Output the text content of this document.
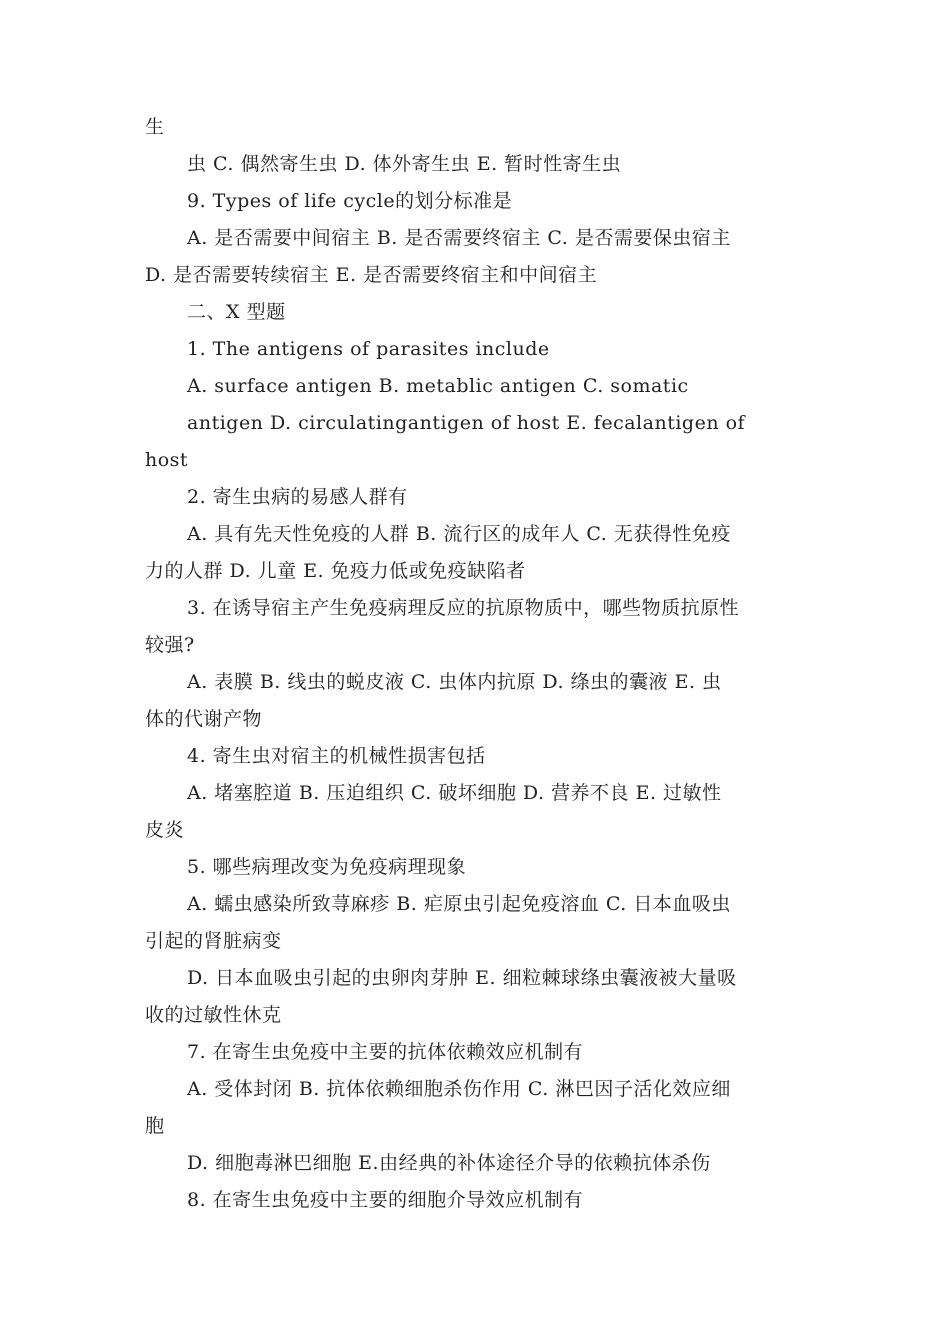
生
虫 C. 偶然寄生虫 D. 体外寄生虫 E. 暂时性寄生虫
9. Types of life cycle的划分标准是
A. 是否需要中间宿主 B. 是否需要终宿主 C. 是否需要保虫宿主
D. 是否需要转续宿主 E. 是否需要终宿主和中间宿主
二、X 型题
1. The antigens of parasites include
A. surface antigen B. metablic antigen C. somatic
antigen D. circulatingantigen of host E. fecalantigen of
host
2. 寄生虫病的易感人群有
A. 具有先天性免疫的人群 B. 流行区的成年人 C. 无获得性免疫
力的人群 D. 儿童 E. 免疫力低或免疫缺陷者
3. 在诱导宿主产生免疫病理反应的抗原物质中，哪些物质抗原性
较强?
A. 表膜 B. 线虫的蜕皮液 C. 虫体内抗原 D. 绦虫的囊液 E. 虫
体的代谢产物
4. 寄生虫对宿主的机械性损害包括
A. 堵塞腔道 B. 压迫组织 C. 破坏细胞 D. 营养不良 E. 过敏性
皮炎
5. 哪些病理改变为免疫病理现象
A. 蠕虫感染所致荨麻疹 B. 疟原虫引起免疫溶血 C. 日本血吸虫
引起的肾脏病变
D. 日本血吸虫引起的虫卵肉芽肿 E. 细粒棘球绦虫囊液被大量吸
收的过敏性休克
7. 在寄生虫免疫中主要的抗体依赖效应机制有
A. 受体封闭 B. 抗体依赖细胞杀伤作用 C. 淋巴因子活化效应细
胞
D. 细胞毒淋巴细胞 E.由经典的补体途径介导的依赖抗体杀伤
8. 在寄生虫免疫中主要的细胞介导效应机制有
